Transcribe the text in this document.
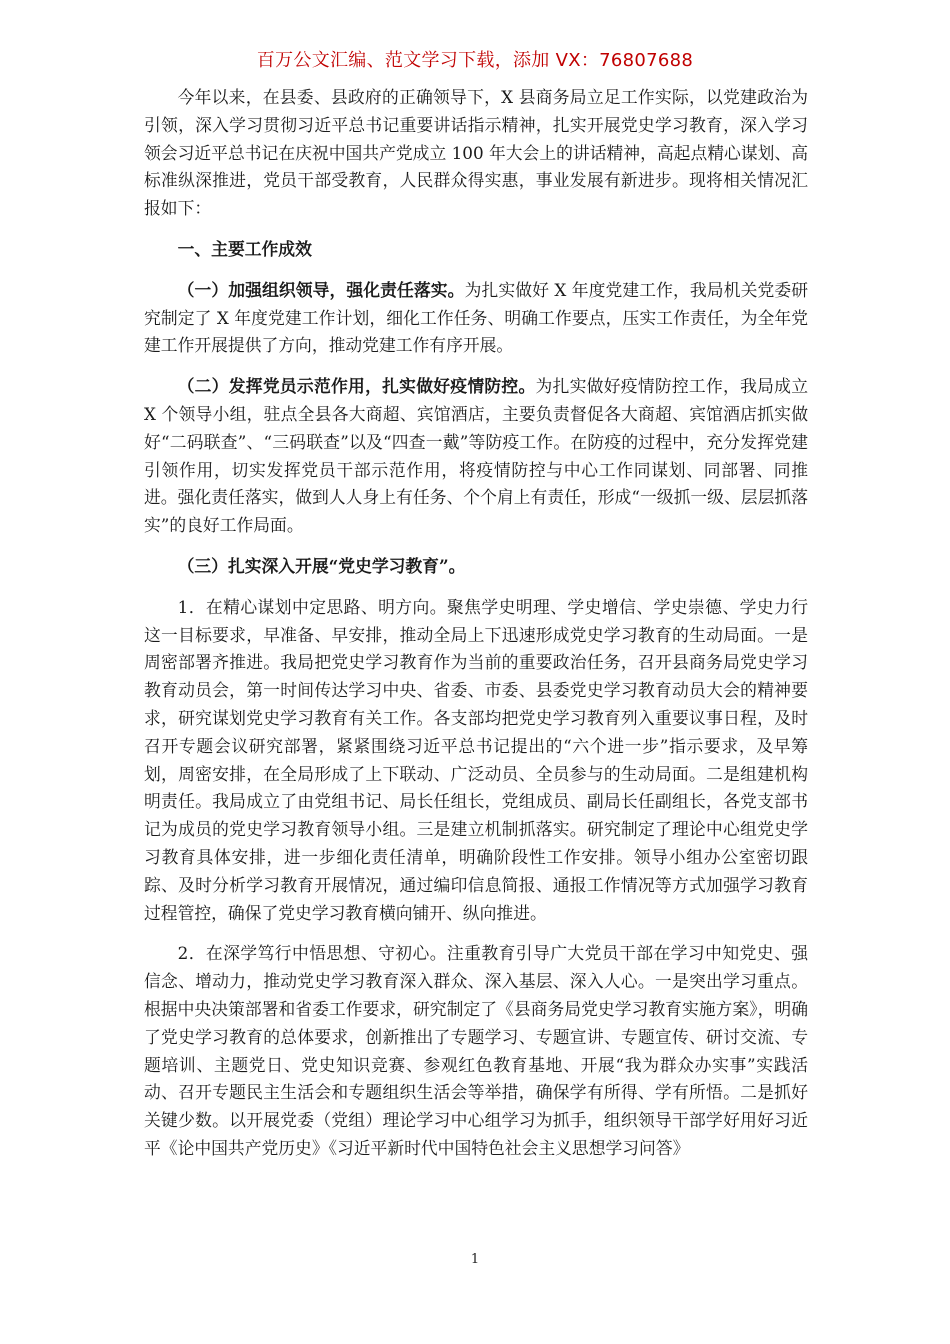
百万公文汇编、范文学习下载，添加 VX：76807688

今年以来，在县委、县政府的正确领导下，X 县商务局立足工作实际，以党建政治为引领，深入学习贯彻习近平总书记重要讲话指示精神，扎实开展党史学习教育，深入学习领会习近平总书记在庆祝中国共产党成立 100 年大会上的讲话精神，高起点精心谋划、高标准纵深推进，党员干部受教育，人民群众得实惠，事业发展有新进步。现将相关情况汇报如下：

一、主要工作成效

（一）加强组织领导，强化责任落实。为扎实做好 X 年度党建工作，我局机关党委研究制定了 X 年度党建工作计划，细化工作任务、明确工作要点，压实工作责任，为全年党建工作开展提供了方向，推动党建工作有序开展。

（二）发挥党员示范作用，扎实做好疫情防控。为扎实做好疫情防控工作，我局成立 X 个领导小组，驻点全县各大商超、宾馆酒店，主要负责督促各大商超、宾馆酒店抓实做好“二码联查”、“三码联查”以及“四查一戴”等防疫工作。在防疫的过程中，充分发挥党建引领作用，切实发挥党员干部示范作用，将疫情防控与中心工作同谋划、同部署、同推进。强化责任落实，做到人人身上有任务、个个肩上有责任，形成“一级抓一级、层层抓落实”的良好工作局面。

（三）扎实深入开展“党史学习教育”。

1．在精心谋划中定思路、明方向。聚焦学史明理、学史增信、学史崇德、学史力行这一目标要求，早准备、早安排，推动全局上下迅速形成党史学习教育的生动局面。一是周密部署齐推进。我局把党史学习教育作为当前的重要政治任务，召开县商务局党史学习教育动员会，第一时间传达学习中央、省委、市委、县委党史学习教育动员大会的精神要求，研究谋划党史学习教育有关工作。各支部均把党史学习教育列入重要议事日程，及时召开专题会议研究部署，紧紧围绕习近平总书记提出的“六个进一步”指示要求，及早筹划，周密安排，在全局形成了上下联动、广泛动员、全员参与的生动局面。二是组建机构明责任。我局成立了由党组书记、局长任组长，党组成员、副局长任副组长，各党支部书记为成员的党史学习教育领导小组。三是建立机制抓落实。研究制定了理论中心组党史学习教育具体安排，进一步细化责任清单，明确阶段性工作安排。领导小组办公室密切跟踪、及时分析学习教育开展情况，通过编印信息简报、通报工作情况等方式加强学习教育过程管控，确保了党史学习教育横向铺开、纵向推进。

2．在深学笃行中悟思想、守初心。注重教育引导广大党员干部在学习中知党史、强信念、增动力，推动党史学习教育深入群众、深入基层、深入人心。一是突出学习重点。根据中央决策部署和省委工作要求，研究制定了《县商务局党史学习教育实施方案》，明确了党史学习教育的总体要求，创新推出了专题学习、专题宣讲、专题宣传、研讨交流、专题培训、主题党日、党史知识竞赛、参观红色教育基地、开展“我为群众办实事”实践活动、召开专题民主生活会和专题组织生活会等举措，确保学有所得、学有所悟。二是抓好关键少数。以开展党委（党组）理论学习中心组学习为抓手，组织领导干部学好用好习近平《论中国共产党历史》《习近平新时代中国特色社会主义思想学习问答》

1
